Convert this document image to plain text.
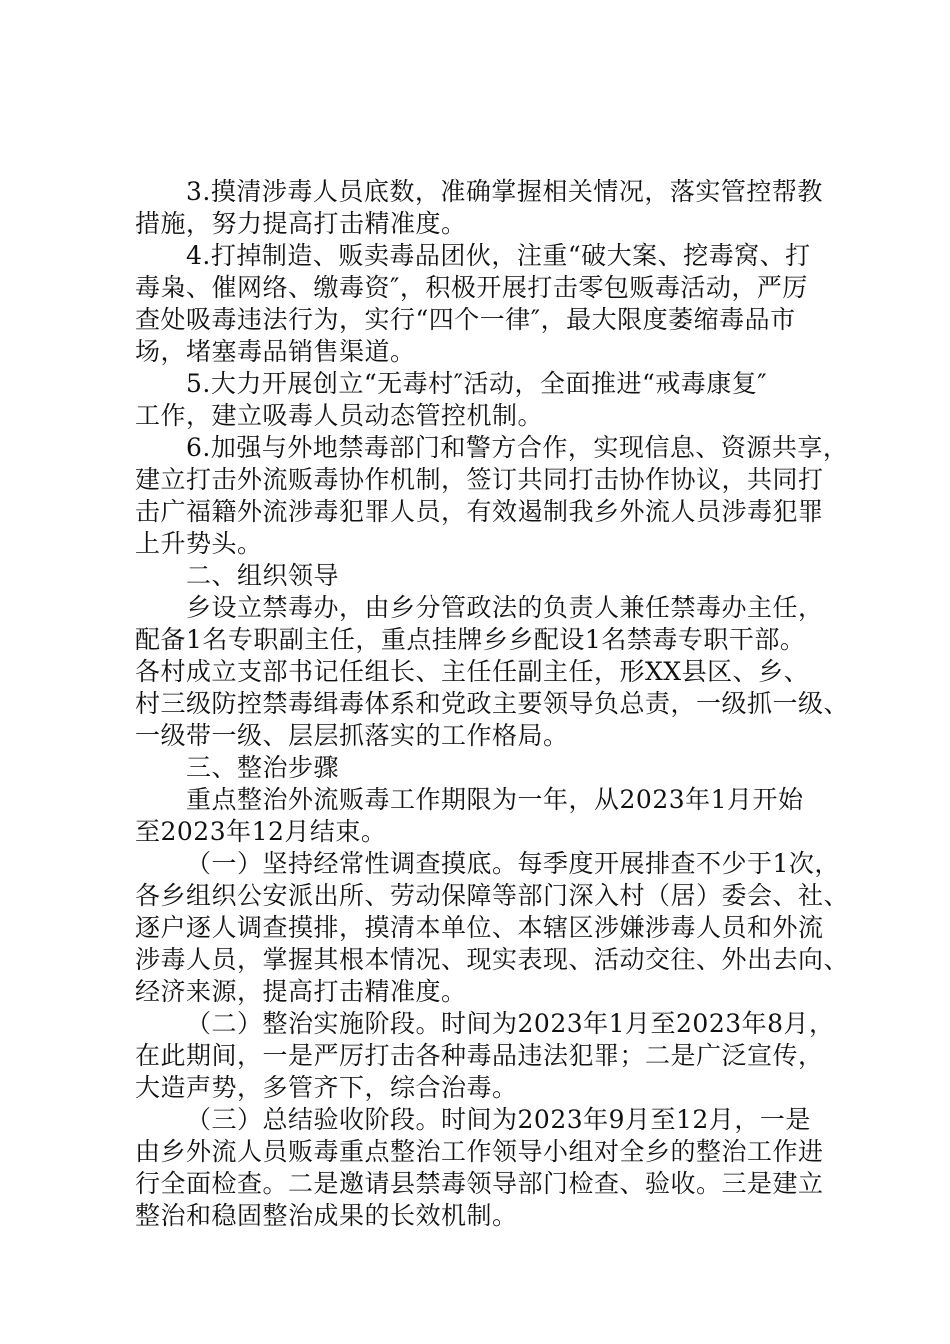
3.摸清涉毒人员底数，准确掌握相关情况，落实管控帮教
措施，努力提高打击精准度。
4.打掉制造、贩卖毒品团伙，注重“破大案、挖毒窝、打
毒枭、催网络、缴毒资″，积极开展打击零包贩毒活动，严厉
查处吸毒违法行为，实行“四个一律″，最大限度萎缩毒品市
场，堵塞毒品销售渠道。
5.大力开展创立“无毒村″活动，全面推进“戒毒康复″
工作，建立吸毒人员动态管控机制。
6.加强与外地禁毒部门和警方合作，实现信息、资源共享，
建立打击外流贩毒协作机制，签订共同打击协作协议，共同打
击广福籍外流涉毒犯罪人员，有效遏制我乡外流人员涉毒犯罪
上升势头。
二、组织领导
乡设立禁毒办，由乡分管政法的负责人兼任禁毒办主任，
配备1名专职副主任，重点挂牌乡乡配设1名禁毒专职干部。
各村成立支部书记任组长、主任任副主任，形XX县区、乡、
村三级防控禁毒缉毒体系和党政主要领导负总责，一级抓一级、
一级带一级、层层抓落实的工作格局。
三、整治步骤
重点整治外流贩毒工作期限为一年，从2023年1月开始
至2023年12月结束。
（一）坚持经常性调查摸底。每季度开展排查不少于1次，
各乡组织公安派出所、劳动保障等部门深入村（居）委会、社、
逐户逐人调查摸排，摸清本单位、本辖区涉嫌涉毒人员和外流
涉毒人员，掌握其根本情况、现实表现、活动交往、外出去向、
经济来源，提高打击精准度。
（二）整治实施阶段。时间为2023年1月至2023年8月，
在此期间，一是严厉打击各种毒品违法犯罪；二是广泛宣传，
大造声势，多管齐下，综合治毒。
（三）总结验收阶段。时间为2023年9月至12月，一是
由乡外流人员贩毒重点整治工作领导小组对全乡的整治工作进
行全面检查。二是邀请县禁毒领导部门检查、验收。三是建立
整治和稳固整治成果的长效机制。
